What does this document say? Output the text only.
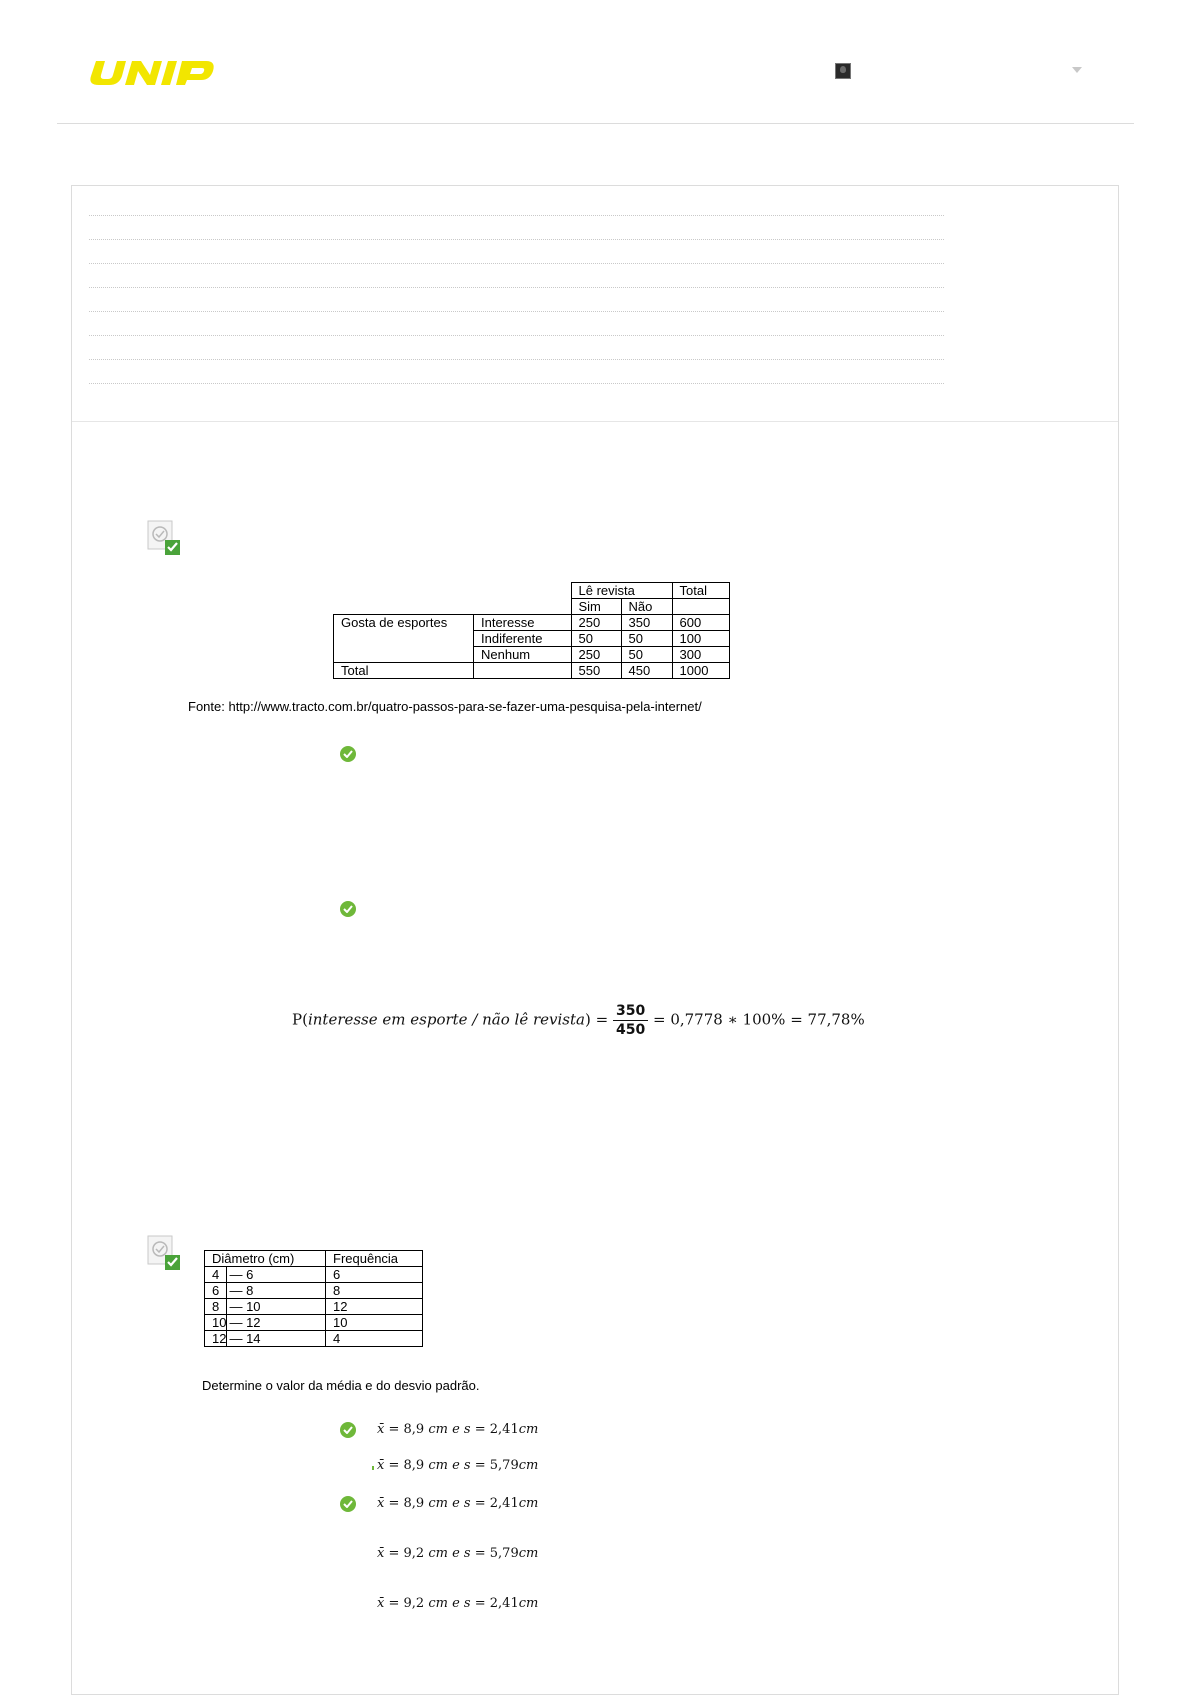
		Lê revista		Total
		Sim	Não	
Gosta de esportes	Interesse	250	350	600
	Indiferente	50	50	100
	Nenhum	250	50	300
Total		550	450	1000
Fonte: http://www.tracto.com.br/quatro-passos-para-se-fazer-uma-pesquisa-pela-internet/
P(interesse em esporte / não lê revista) = $\frac{350}{450} = 0,7778$ ∗ 100% = 77,78%
Diâmetro (cm)		Frequência
4	— 6	6
6	— 8	8
8	— 10	12
10	— 12	10
12	— 14	4
Determine o valor da média e do desvio padrão.
x̄ = 8,9 cm e s = 2,41cm
x̄ = 8,9 cm e s = 5,79cm
x̄ = 8,9 cm e s = 2,41cm
x̄ = 9,2 cm e s = 5,79cm
x̄ = 9,2 cm e s = 2,41cm
